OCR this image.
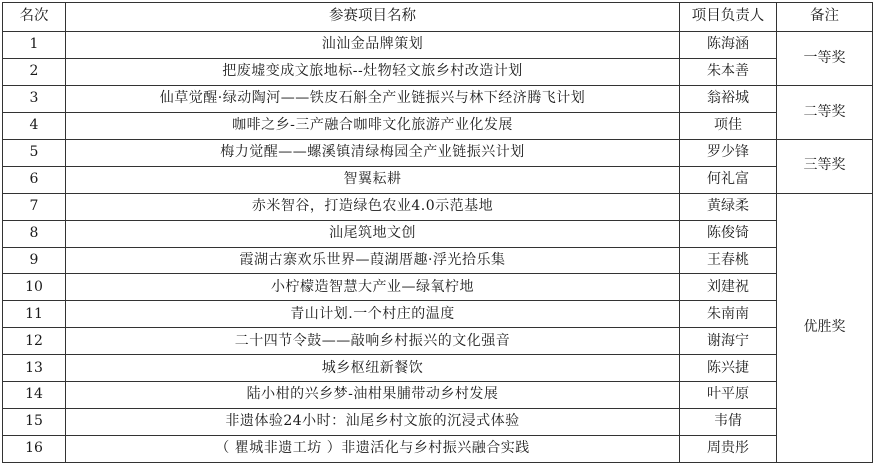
名次	参赛项目名称	项目负责人	备注
1	汕汕金品牌策划	陈海涵	一等奖
2	把废墟变成文旅地标--灶物轻文旅乡村改造计划	朱本善	
3	仙草觉醒·绿动陶河——铁皮石斛全产业链振兴与林下经济腾飞计划	翁裕城	二等奖
4	咖啡之乡-三产融合咖啡文化旅游产业化发展	项佳	
5	梅力觉醒——螺溪镇清绿梅园全产业链振兴计划	罗少锋	三等奖
6	智翼耘耕	何礼富	
7	赤米智谷，打造绿色农业4.0示范基地	黄绿柔	优胜奖
8	汕尾筑地文创	陈俊锜	
9	霞湖古寨欢乐世界—葭湖厝趣·浮光拾乐集	王春桃	
10	小柠檬造智慧大产业—绿氧柠地	刘建祝	
11	青山计划.一个村庄的温度	朱南南	
12	二十四节令鼓——敲响乡村振兴的文化强音	谢海宁	
13	城乡枢纽新餐饮	陈兴捷	
14	陆小柑的兴乡梦-油柑果脯带动乡村发展	叶平原	
15	非遗体验24小时：汕尾乡村文旅的沉浸式体验	韦倩	
16	（ 瞿城非遗工坊 ）非遗活化与乡村振兴融合实践	周贵彤	
